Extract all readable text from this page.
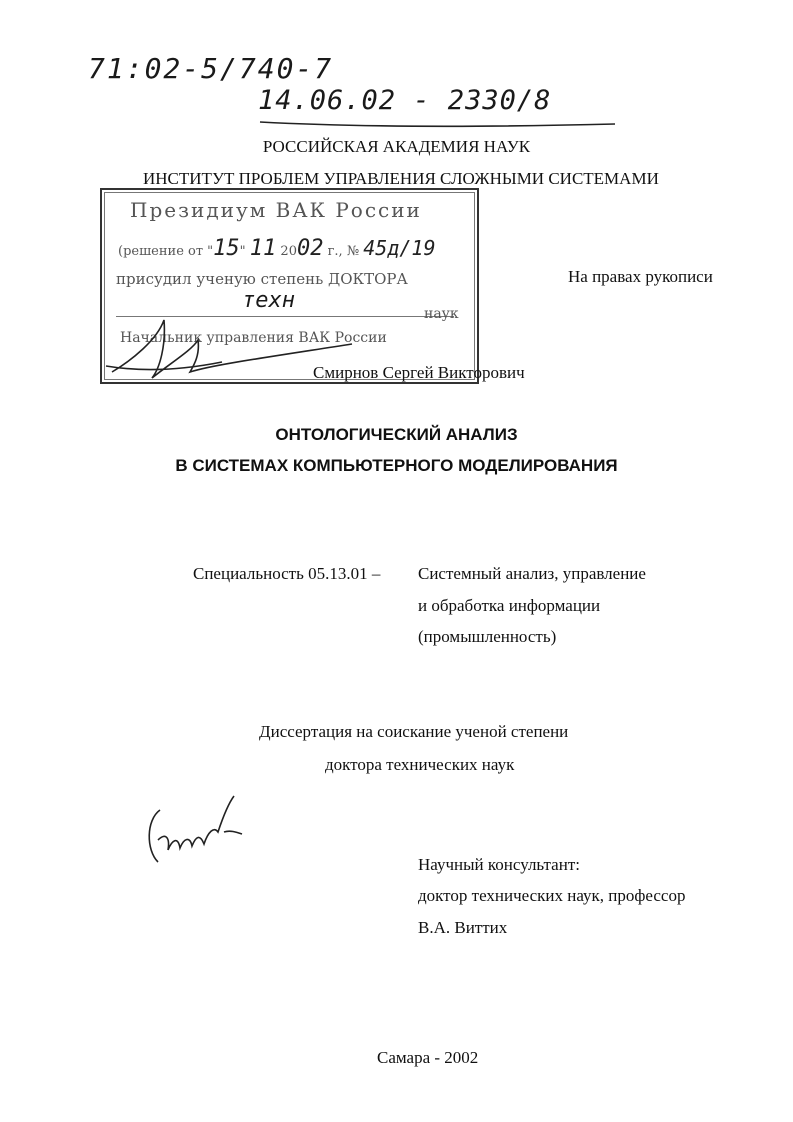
71:02-5/740-7
14.06.02 - 2330/8
РОССИЙСКАЯ АКАДЕМИЯ НАУК
ИНСТИТУТ ПРОБЛЕМ УПРАВЛЕНИЯ СЛОЖНЫМИ СИСТЕМАМИ
Президиум ВАК России
(решение от "15" 11 2002 г., № 45д/19
присудил ученую степень ДОКТОРА
техн
наук
Начальник управления ВАК России
На правах рукописи
Смирнов Сергей Викторович
ОНТОЛОГИЧЕСКИЙ АНАЛИЗ
В СИСТЕМАХ КОМПЬЮТЕРНОГО МОДЕЛИРОВАНИЯ
Специальность 05.13.01 – Системный анализ, управление
и обработка информации
(промышленность)
Диссертация на соискание ученой степени
доктора технических наук
Научный консультант:
доктор технических наук, профессор
В.А. Виттих
Самара - 2002
